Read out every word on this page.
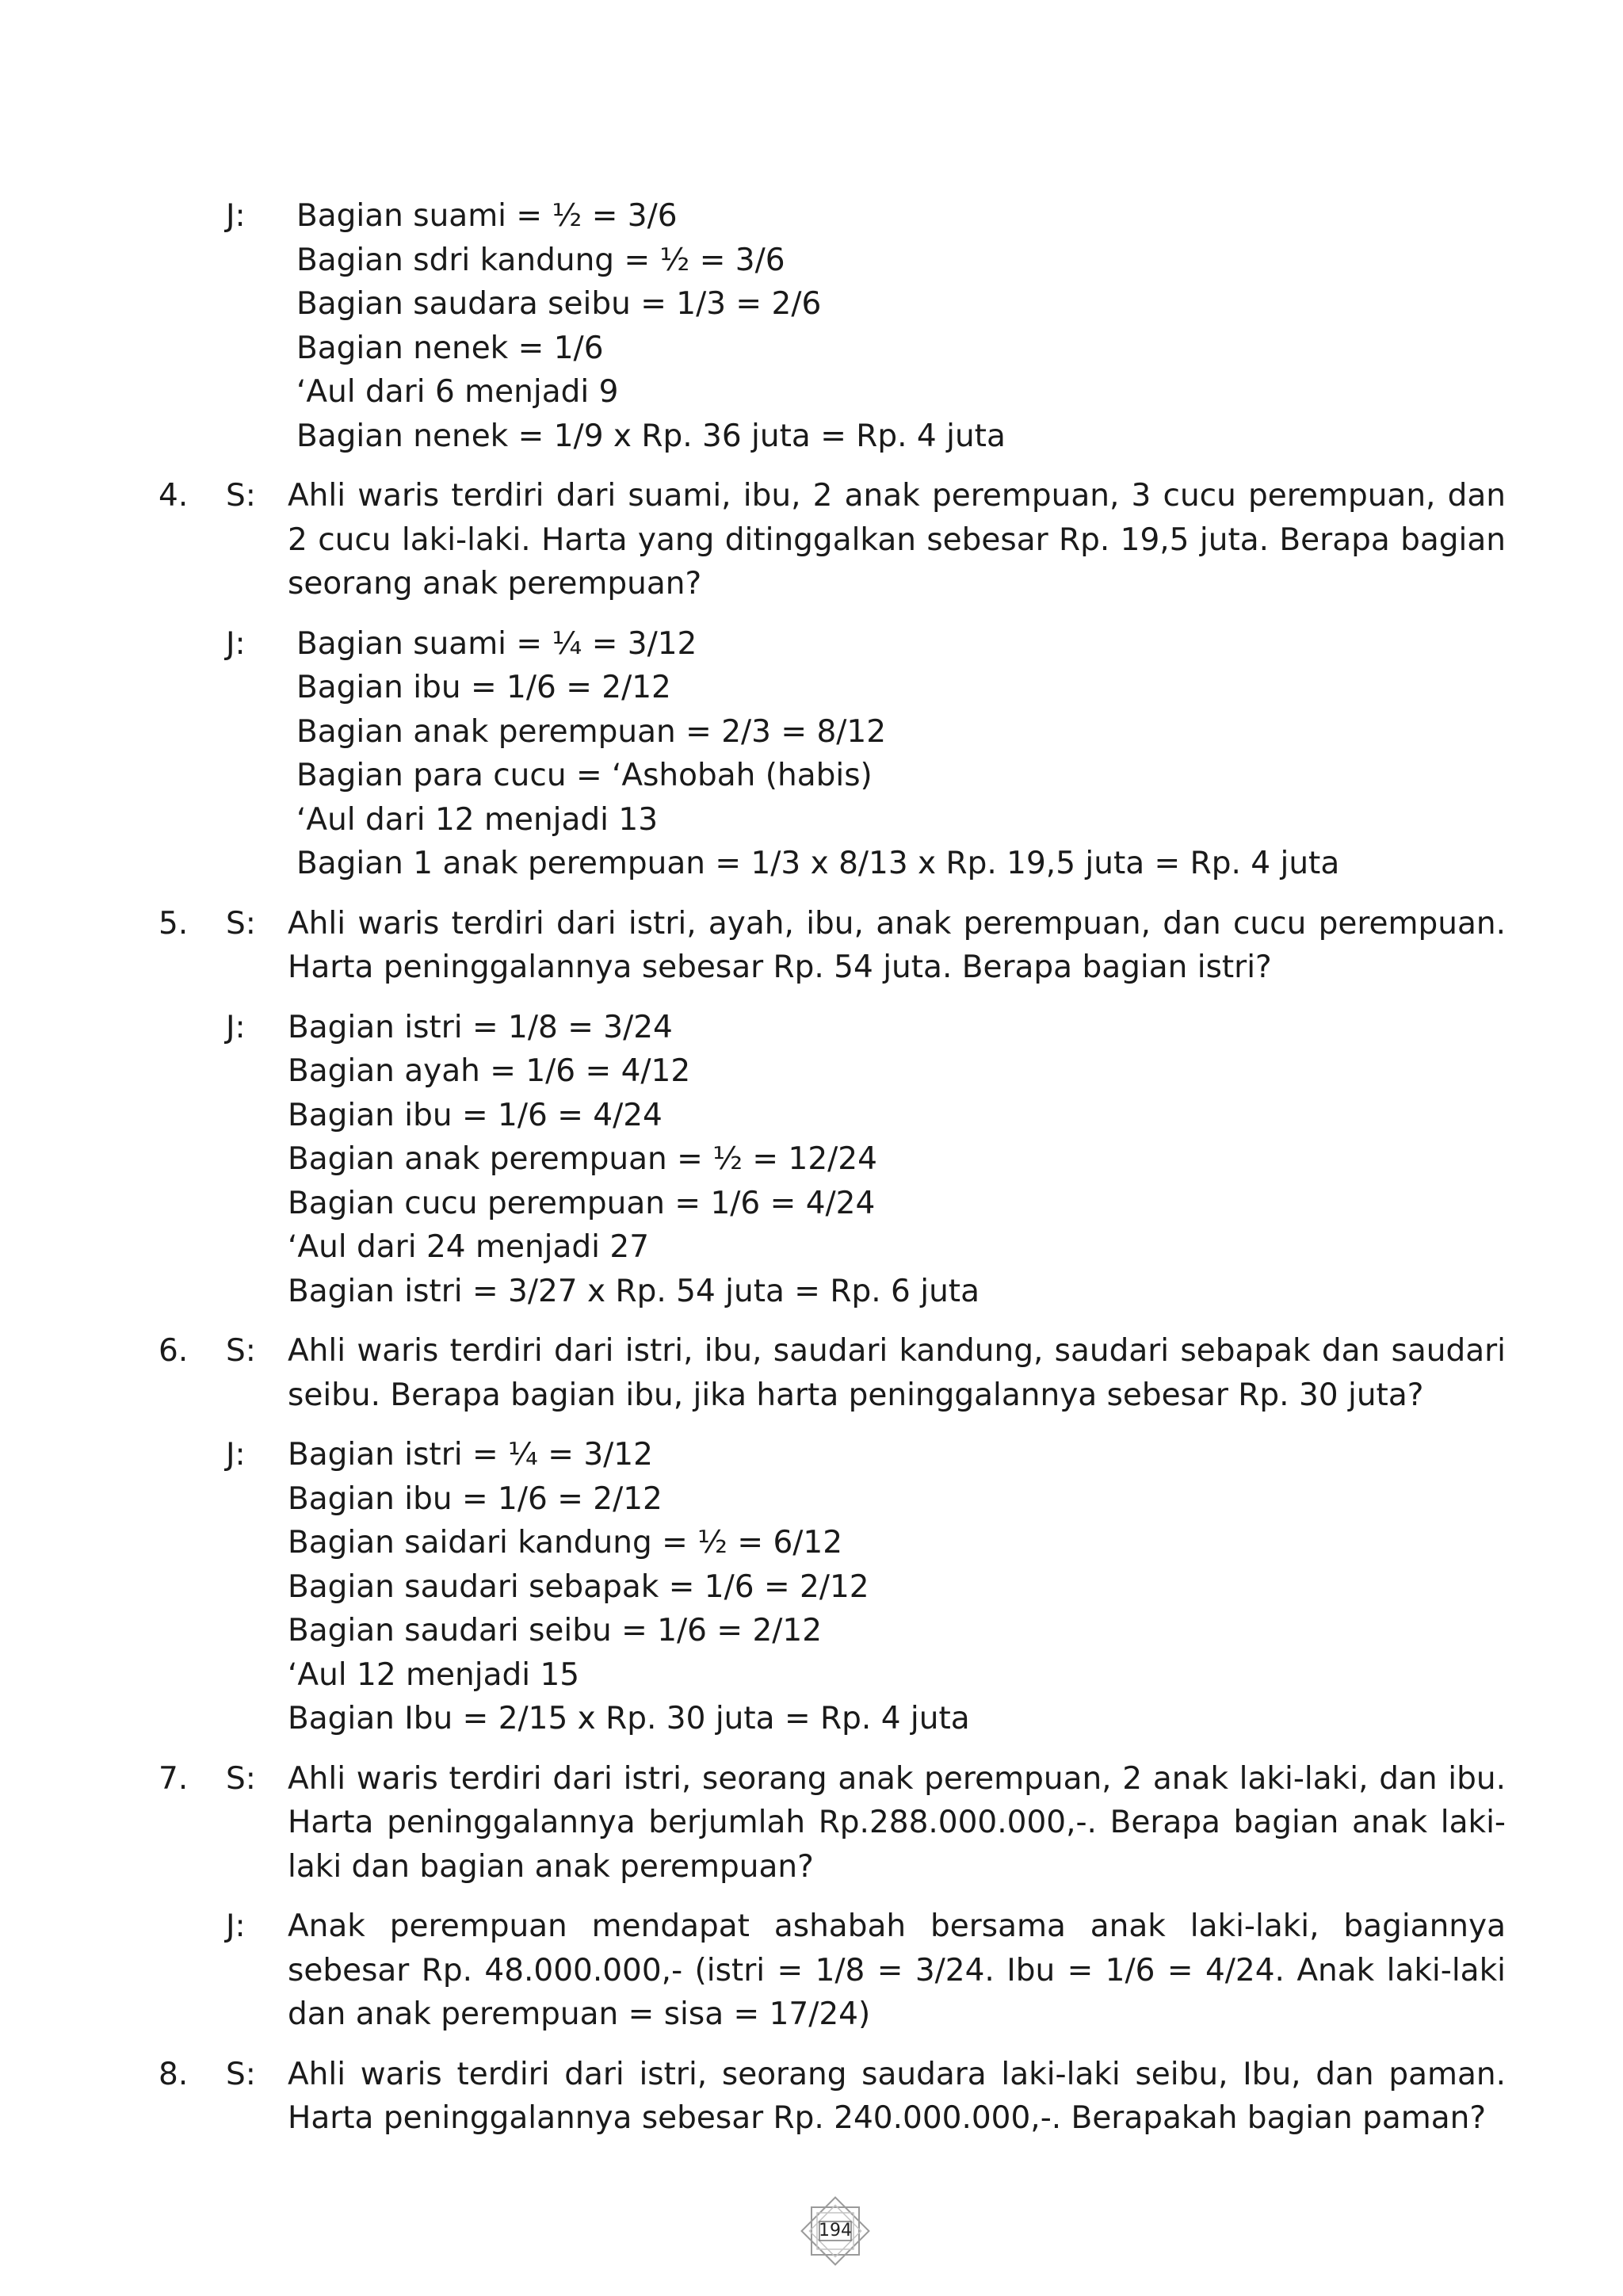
J:	Bagian suami = ½ = 3/6
Bagian sdri kandung = ½ = 3/6
Bagian saudara seibu = 1/3 = 2/6
Bagian nenek = 1/6
‘Aul dari 6 menjadi 9
Bagian nenek = 1/9 x Rp. 36 juta = Rp. 4 juta
4.	S:	Ahli waris terdiri dari suami, ibu, 2 anak perempuan, 3 cucu perempuan, dan 2 cucu laki-laki. Harta yang ditinggalkan sebesar Rp. 19,5 juta. Berapa bagian seorang anak perempuan?
J:	Bagian suami = ¼ = 3/12
Bagian ibu = 1/6 = 2/12
Bagian anak perempuan = 2/3 = 8/12
Bagian para cucu = ‘Ashobah (habis)
‘Aul dari 12 menjadi 13
Bagian 1 anak perempuan = 1/3 x 8/13 x Rp. 19,5 juta = Rp. 4 juta
5.	S:	Ahli waris terdiri dari istri, ayah, ibu, anak perempuan, dan cucu perempuan. Harta peninggalannya sebesar Rp. 54 juta. Berapa bagian istri?
J:	Bagian istri = 1/8 = 3/24
Bagian ayah = 1/6 = 4/12
Bagian ibu = 1/6 = 4/24
Bagian anak perempuan = ½ = 12/24
Bagian cucu perempuan = 1/6 = 4/24
‘Aul dari 24 menjadi 27
Bagian istri = 3/27 x Rp. 54 juta = Rp. 6 juta
6.	S:	Ahli waris terdiri dari istri, ibu, saudari kandung, saudari sebapak dan saudari seibu. Berapa bagian ibu, jika harta peninggalannya sebesar Rp. 30 juta?
J:	Bagian istri = ¼ = 3/12
Bagian ibu = 1/6 = 2/12
Bagian saidari kandung = ½ = 6/12
Bagian saudari sebapak = 1/6 = 2/12
Bagian saudari seibu = 1/6 = 2/12
‘Aul 12 menjadi 15
Bagian Ibu = 2/15 x Rp. 30 juta = Rp. 4 juta
7.	S:	Ahli waris terdiri dari istri, seorang anak perempuan, 2 anak laki-laki, dan ibu. Harta peninggalannya berjumlah Rp.288.000.000,-. Berapa bagian anak laki-laki dan bagian anak perempuan?
J:	Anak perempuan mendapat ashabah bersama anak laki-laki, bagiannya sebesar Rp. 48.000.000,- (istri = 1/8 = 3/24. Ibu = 1/6 = 4/24. Anak laki-laki dan anak perempuan = sisa = 17/24)
8.	S:	Ahli waris terdiri dari istri, seorang saudara laki-laki seibu, Ibu, dan paman. Harta peninggalannya sebesar Rp. 240.000.000,-. Berapakah bagian paman?
194
